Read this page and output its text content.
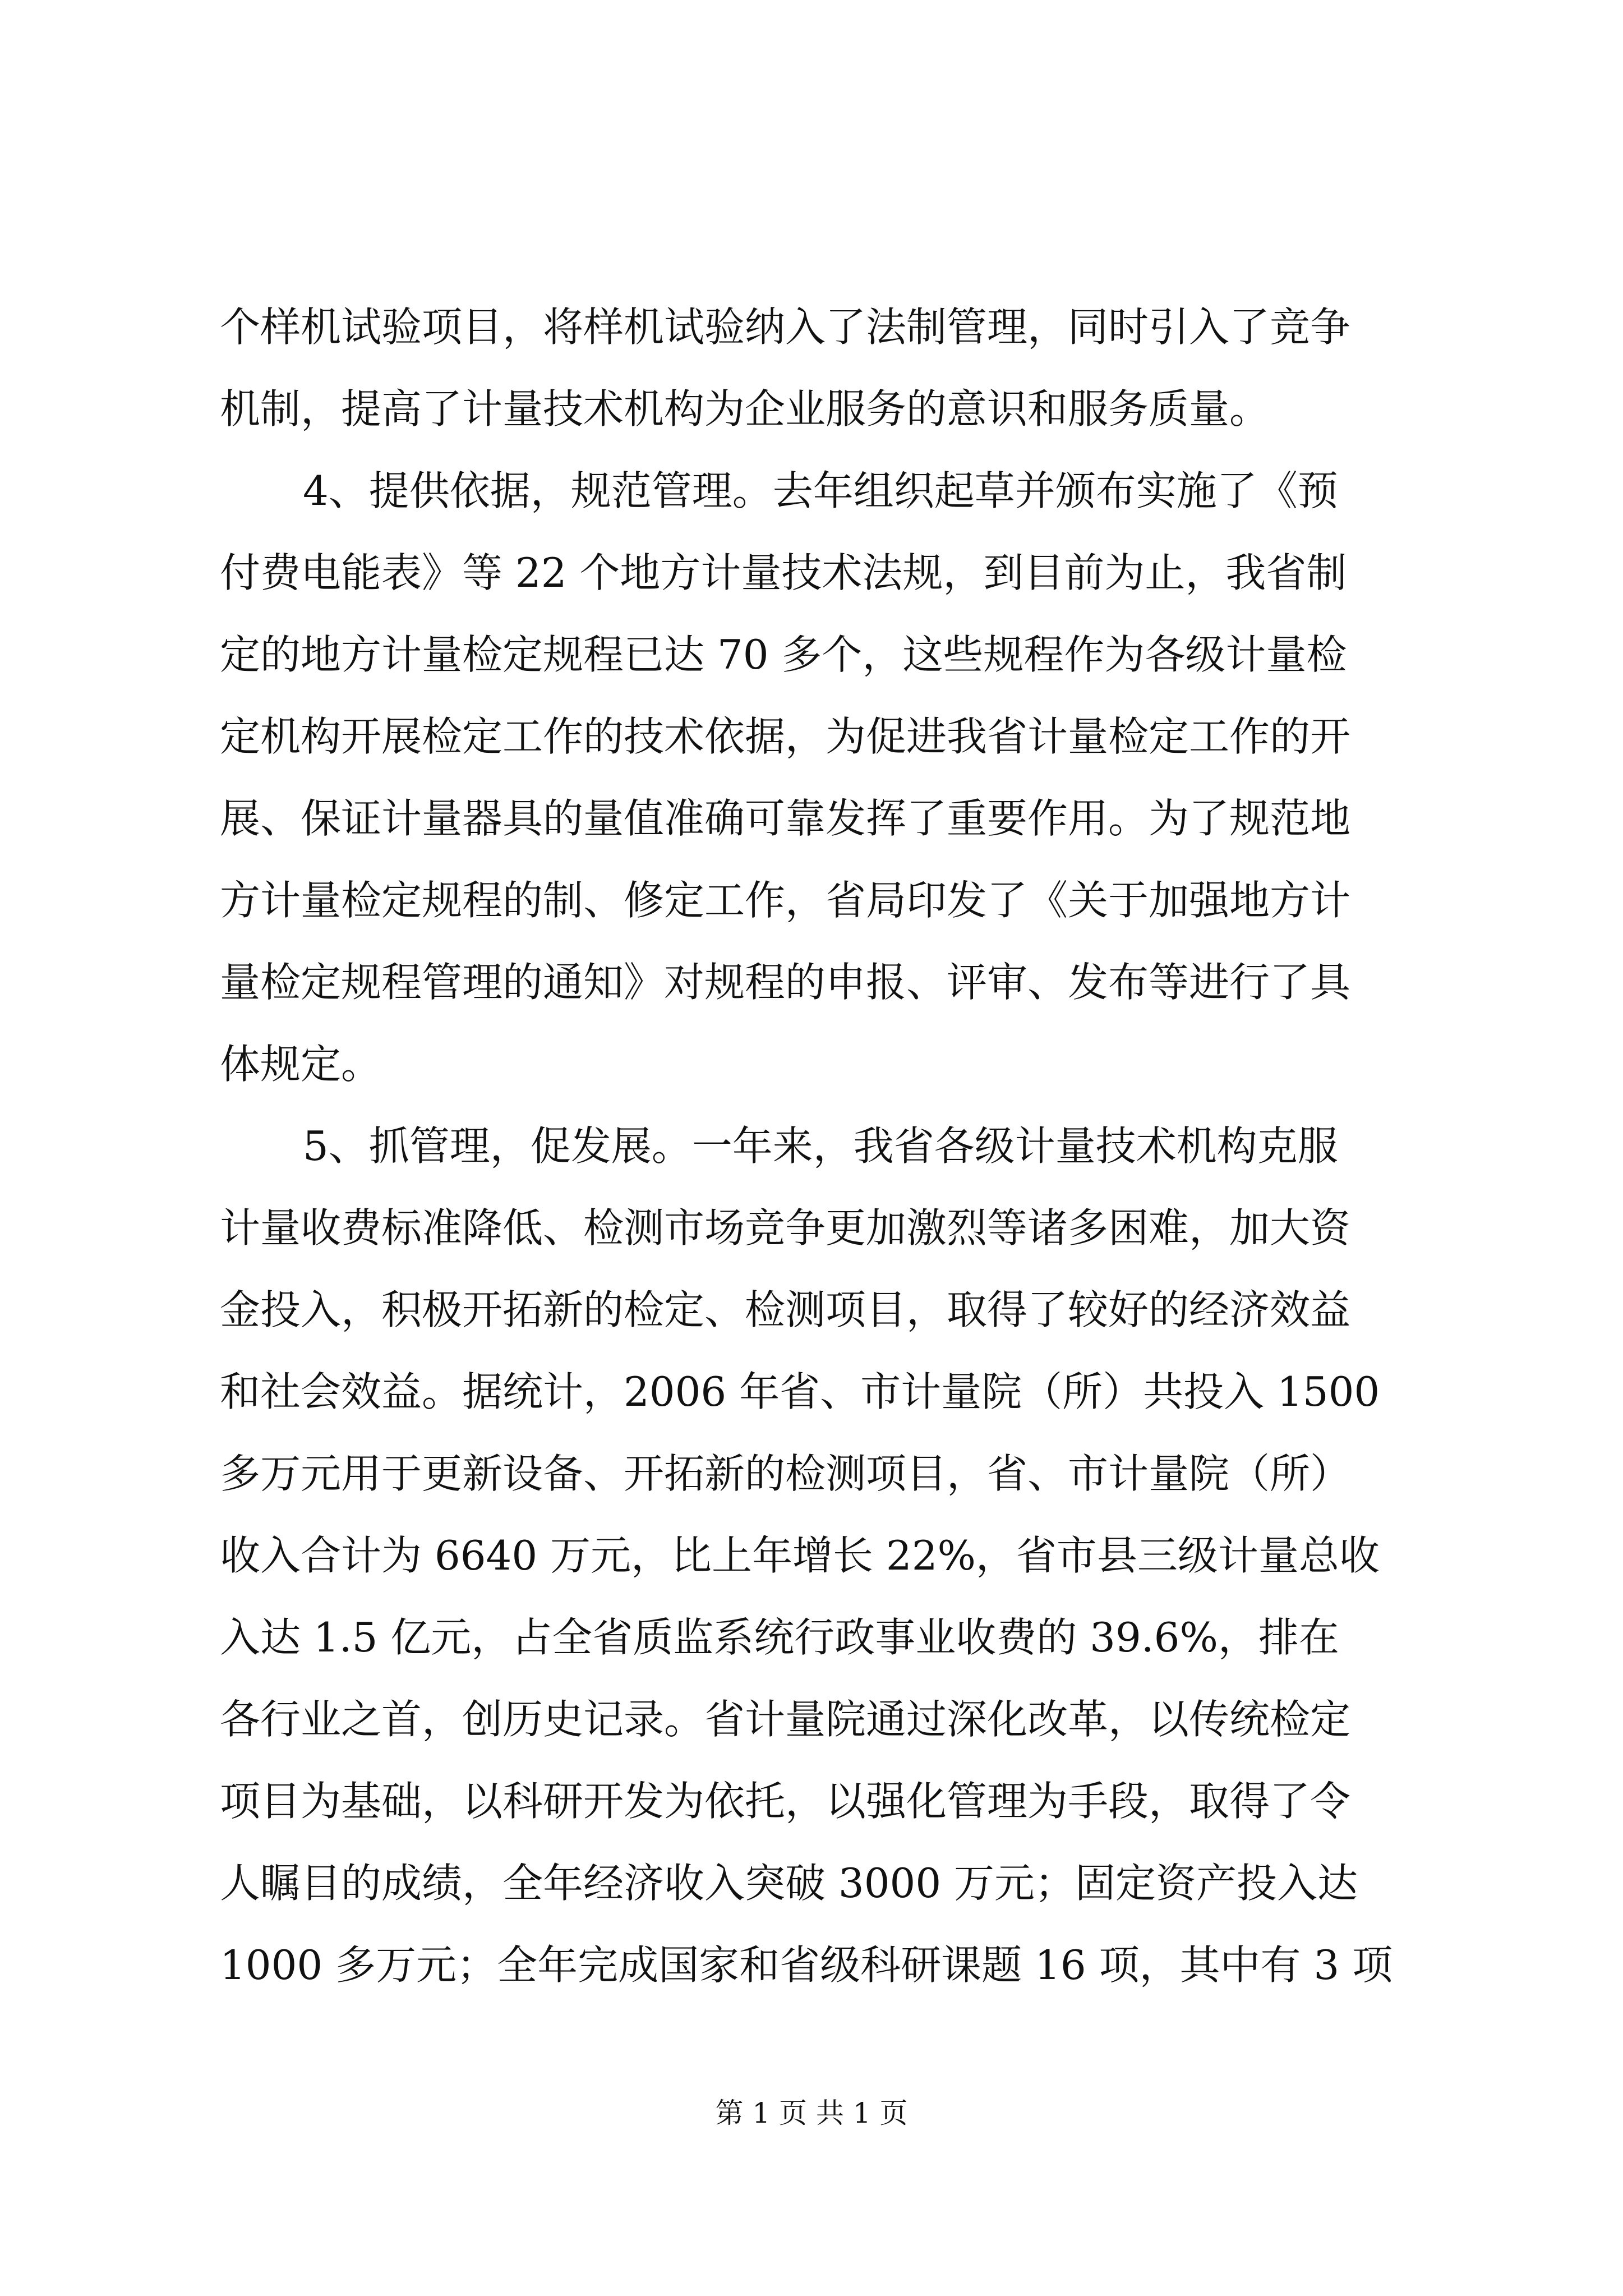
个样机试验项目，将样机试验纳入了法制管理，同时引入了竞争
机制，提高了计量技术机构为企业服务的意识和服务质量。
4、提供依据，规范管理。去年组织起草并颁布实施了《预
付费电能表》等 22 个地方计量技术法规，到目前为止，我省制
定的地方计量检定规程已达 70 多个，这些规程作为各级计量检
定机构开展检定工作的技术依据，为促进我省计量检定工作的开
展、保证计量器具的量值准确可靠发挥了重要作用。为了规范地
方计量检定规程的制、修定工作，省局印发了《关于加强地方计
量检定规程管理的通知》对规程的申报、评审、发布等进行了具
体规定。
5、抓管理，促发展。一年来，我省各级计量技术机构克服
计量收费标准降低、检测市场竞争更加激烈等诸多困难，加大资
金投入，积极开拓新的检定、检测项目，取得了较好的经济效益
和社会效益。据统计，2006 年省、市计量院（所）共投入 1500
多万元用于更新设备、开拓新的检测项目，省、市计量院（所）
收入合计为 6640 万元，比上年增长 22%，省市县三级计量总收
入达 1.5 亿元，占全省质监系统行政事业收费的 39.6%，排在
各行业之首，创历史记录。省计量院通过深化改革，以传统检定
项目为基础，以科研开发为依托，以强化管理为手段，取得了令
人瞩目的成绩，全年经济收入突破 3000 万元；固定资产投入达
1000 多万元；全年完成国家和省级科研课题 16 项，其中有 3 项
第 1 页 共 1 页
